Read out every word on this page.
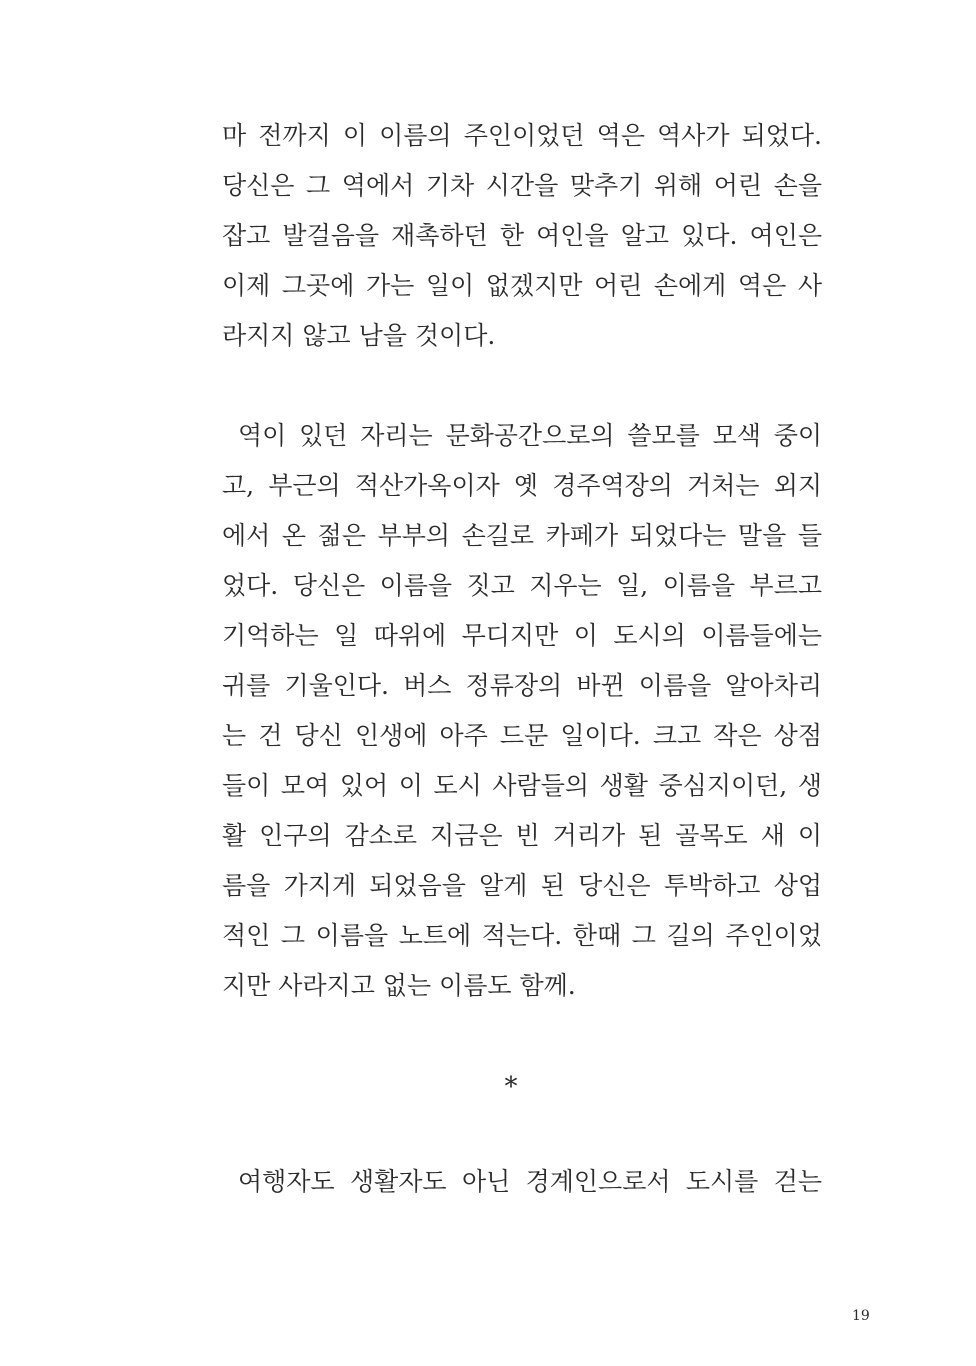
마 전까지 이 이름의 주인이었던 역은 역사가 되었다.
당신은 그 역에서 기차 시간을 맞추기 위해 어린 손을
잡고 발걸음을 재촉하던 한 여인을 알고 있다. 여인은
이제 그곳에 가는 일이 없겠지만 어린 손에게 역은 사
라지지 않고 남을 것이다.
역이 있던 자리는 문화공간으로의 쓸모를 모색 중이
고, 부근의 적산가옥이자 옛 경주역장의 거처는 외지
에서 온 젊은 부부의 손길로 카페가 되었다는 말을 들
었다. 당신은 이름을 짓고 지우는 일, 이름을 부르고
기억하는 일 따위에 무디지만 이 도시의 이름들에는
귀를 기울인다. 버스 정류장의 바뀐 이름을 알아차리
는 건 당신 인생에 아주 드문 일이다. 크고 작은 상점
들이 모여 있어 이 도시 사람들의 생활 중심지이던, 생
활 인구의 감소로 지금은 빈 거리가 된 골목도 새 이
름을 가지게 되었음을 알게 된 당신은 투박하고 상업
적인 그 이름을 노트에 적는다. 한때 그 길의 주인이었
지만 사라지고 없는 이름도 함께.
*
여행자도 생활자도 아닌 경계인으로서 도시를 걷는
19
